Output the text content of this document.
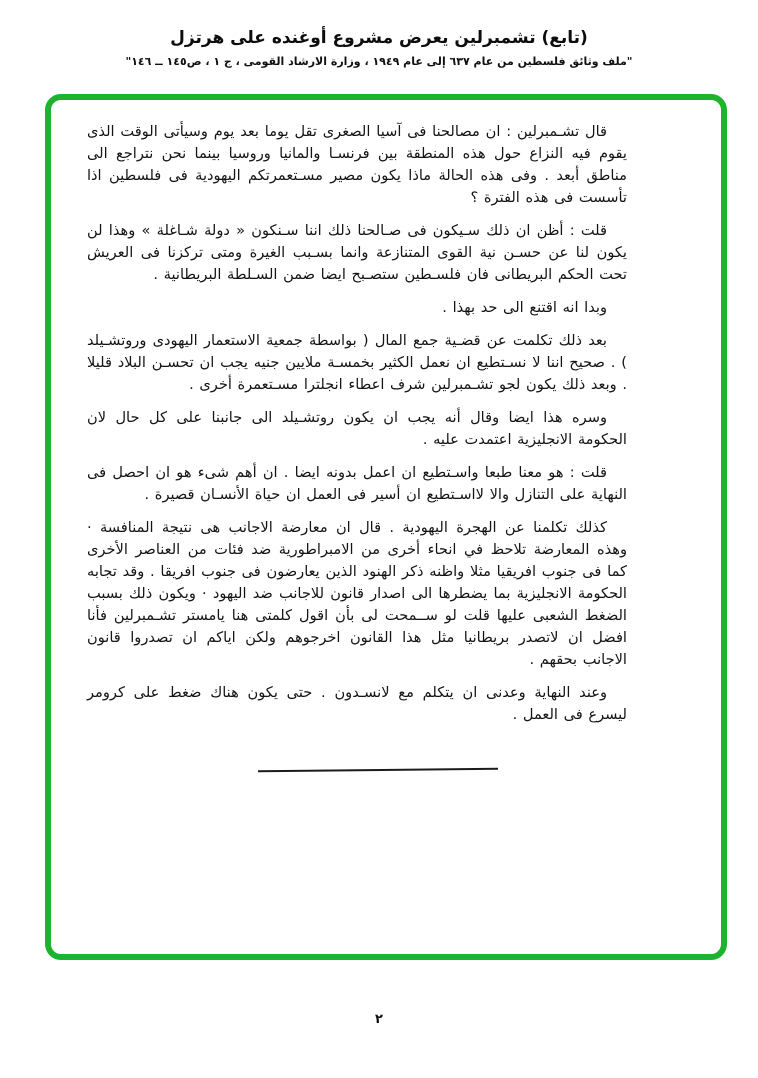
(تابع) تشمبرلين يعرض مشروع أوغنده على هرتزل
"ملف وثائق فلسطين من عام ٦٣٧ إلى عام ١٩٤٩ ، وزارة الارشاد القومى ، ج ١ ، ص١٤٥ ــ ١٤٦"

قال تشـمبرلين : ان مصالحنا فى آسيا الصغرى تقل يوما بعد يوم وسيأتى الوقت الذى يقوم فيه النزاع حول هذه المنطقة بين فرنسـا والمانيا وروسيا بينما نحن نتراجع الى مناطق أبعد . وفى هذه الحالة ماذا يكون مصير مسـتعمرتكم اليهودية فى فلسطين اذا تأسست فى هذه الفترة ؟

قلت : أظن ان ذلك سـيكون فى صـالحنا ذلك اننا سـنكون « دولة شـاغلة » وهذا لن يكون لنا عن حسـن نية القوى المتنازعة وانما بسـبب الغيرة ومتى تركزنا فى العريش تحت الحكم البريطانى فان فلسـطين ستصـبح ايضا ضمن السـلطة البريطانية .

وبدا انه اقتنع الى حد بهذا .

بعد ذلك تكلمت عن قضـية جمع المال ( بواسطة جمعية الاستعمار اليهودى وروتشـيلد ) . صحيح اننا لا نسـتطيع ان نعمل الكثير بخمسـة ملايين جنيه يجب ان تحسـن البلاد قليلا . وبعد ذلك يكون لجو تشـمبرلين شرف اعطاء انجلترا مسـتعمرة أخرى .

وسره هذا ايضا وقال أنه يجب ان يكون روتشـيلد الى جانبنا على كل حال لان الحكومة الانجليزية اعتمدت عليه .

قلت : هو معنا طبعا واسـتطيع ان اعمل بدونه ايضا . ان أهم شىء هو ان احصل فى النهاية على التنازل والا لااسـتطيع ان أسير فى العمل ان حياة الأنسـان قصيرة .

كذلك تكلمنا عن الهجرة اليهودية . قال ان معارضة الاجانب هى نتيجة المنافسة · وهذه المعارضة تلاحظ في انحاء أخرى من الامبراطورية ضد فئات من العناصر الأخرى كما فى جنوب افريقيا مثلا واظنه ذكر الهنود الذين يعارضون فى جنوب افريقا . وقد تجابه الحكومة الانجليزية بما يضطرها الى اصدار قانون للاجانب ضد اليهود · ويكون ذلك بسبب الضغط الشعبى عليها قلت لو ســمحت لى بأن اقول كلمتى هنا يامستر تشـمبرلين فأنا افضل ان لاتصدر بريطانيا مثل هذا القانون اخرجوهم ولكن اياكم ان تصدروا قانون الاجانب بحقهم .

وعند النهاية وعدنى ان يتكلم مع لانسـدون . حتى يكون هناك ضغط على كرومر ليسرع فى العمل .

٢
